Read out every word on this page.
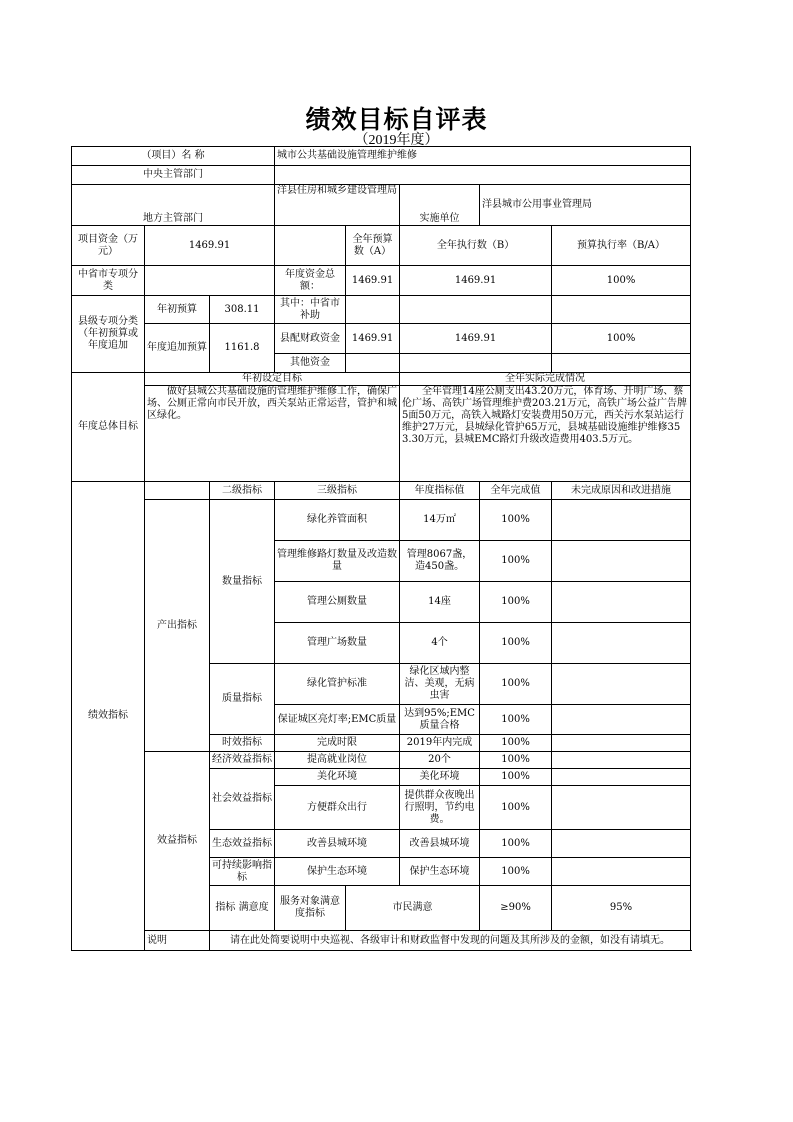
绩效目标自评表
（2019年度）
（项目）名 称			城市公共基础设施管理维护维修					
中央主管部门								
地方主管部门			洋县住房和城乡建设管理局		实施单位	洋县城市公用事业管理局		
项目资金（万元）	1469.91			全年预算数（A）	全年执行数（B）		预算执行率（B/A）	
中省市专项分类			年度资金总额：	1469.91	1469.91		100%	
县级专项分类（年初预算或年度追加	年初预算	308.11	其中：中省市补助					
	年度追加预算	1161.8	县配财政资金	1469.91	1469.91		100%	
			其他资金					
年度总体目标	年初设定目标				全年实际完成情况			
	做好县城公共基础设施的管理维护维修工作，确保广场、公厕正常向市民开放，西关泵站正常运营，管护和城区绿化。				全年管理14座公厕支出43.20万元，体育场、开明广场、蔡伦广场、高铁广场管理维护费203.21万元，高铁广场公益广告牌5面50万元，高铁入城路灯安装费用50万元，西关污水泵站运行维护27万元，县城绿化管护65万元，县城基础设施维护维修353.30万元，县城EMC路灯升级改造费用403.5万元。			
绩效指标		二级指标	三级指标		年度指标值	全年完成值	未完成原因和改进措施	
	产出指标	数量指标	绿化养管面积		14万㎡	100%		
			管理维修路灯数量及改造数量		管理8067盏，造450盏。	100%		
			管理公厕数量		14座	100%		
			管理广场数量		4个	100%		
		质量指标	绿化管护标准		绿化区域内整洁、美观，无病虫害	100%		
			保证城区亮灯率;EMC质量		达到95%;EMC质量合格	100%		
		时效指标	完成时限		2019年内完成	100%		
	效益指标	经济效益指标	提高就业岗位		20个	100%		
		社会效益指标	美化环境		美化环境	100%		
			方便群众出行		提供群众夜晚出行照明，节约电费。	100%		
		生态效益指标	改善县城环境		改善县城环境	100%		
		可持续影响指标	保护生态环境		保护生态环境	100%		
		指标 满意度	服务对象满意度指标	市民满意		≥90%	95%	
	说明	请在此处简要说明中央巡视、各级审计和财政监督中发现的问题及其所涉及的金额，如没有请填无。						
